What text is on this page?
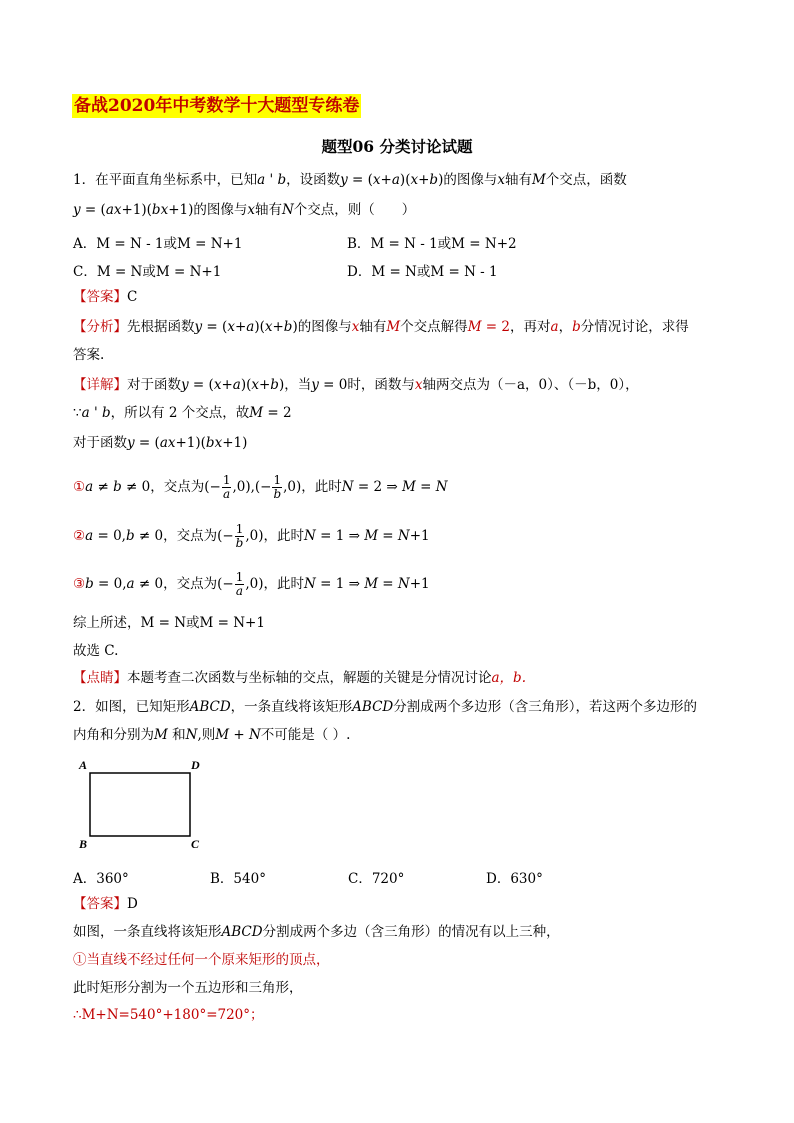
备战2020年中考数学十大题型专练卷
题型06 分类讨论试题
1．在平面直角坐标系中，已知a ' b，设函数y = (x+a)(x+b)的图像与x轴有M个交点，函数
y = (ax+1)(bx+1)的图像与x轴有N个交点，则（　　）
A．M = N - 1或M = N+1	B．M = N - 1或M = N+2
C．M = N或M = N+1	D．M = N或M = N - 1
【答案】C
【分析】先根据函数y = (x+a)(x+b)的图像与x轴有M个交点解得M = 2，再对a，b分情况讨论，求得
答案.
【详解】对于函数y = (x+a)(x+b)，当y = 0时，函数与x轴两交点为（－a，0）、（－b，0），
∵a ' b，所以有 2 个交点，故M = 2
对于函数y = (ax+1)(bx+1)
①a ≠ b ≠ 0，交点为(− $\frac{1}{a} ,0),(- \frac{1}{b} ,0)$，此时N = 2 ⇒ M = N
②a = 0,b ≠ 0，交点为(− $\frac{1}{b} ,0$)，此时N = 1 ⇒ M = N+1
③b = 0,a ≠ 0，交点为(− $\frac{1}{a} ,0$)，此时N = 1 ⇒ M = N+1
综上所述，M = N或M = N+1
故选 C.
【点睛】本题考查二次函数与坐标轴的交点，解题的关键是分情况讨论a，b.
2．如图，已知矩形ABCD，一条直线将该矩形ABCD分割成两个多边形（含三角形），若这两个多边形的
内角和分别为M 和N,则M + N不可能是（ ）.
A	D
B	C
A．360°	B．540°	C．720°	D．630°
【答案】D
如图，一条直线将该矩形ABCD分割成两个多边（含三角形）的情况有以上三种，
①当直线不经过任何一个原来矩形的顶点，
此时矩形分割为一个五边形和三角形，
∴M+N=540°+180°=720°；
